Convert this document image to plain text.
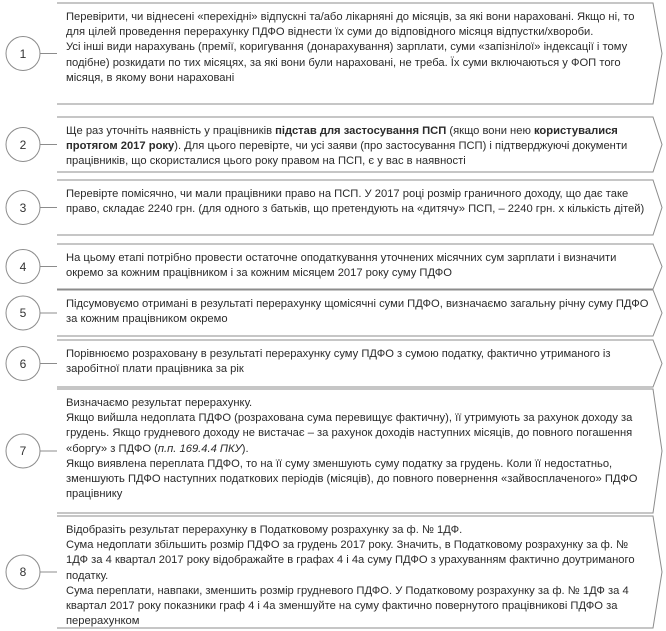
1

Перевірити, чи віднесені «перехідні» відпускні та/або лікарняні до місяців, за які вони нараховані. Якщо ні, то для цілей проведення перерахунку ПДФО віднести їх суми до відповідного місяця відпустки/хвороби.

Усі інші види нарахувань (премії, коригування (донарахування) зарплати, суми «запізнілої» індексації і тому подібне) розкидати по тих місяцях, за які вони були нараховані, не треба. Їх суми включаються у ФОП того місяця, в якому вони нараховані

2

Ще раз уточніть наявність у працівників підстав для застосування ПСП (якщо вони нею користувалися протягом 2017 року). Для цього перевірте, чи усі заяви (про застосування ПСП) і підтверджуючі документи працівників, що скористалися цього року правом на ПСП, є у вас в наявності

3

Перевірте помісячно, чи мали працівники право на ПСП. У 2017 році розмір граничного доходу, що дає таке право, складає 2240 грн. (для одного з батьків, що претендують на «дитячу» ПСП, – 2240 грн. х кількість дітей)

4

На цьому етапі потрібно провести остаточне оподаткування уточнених місячних сум зарплати і визначити окремо за кожним працівником і за кожним місяцем 2017 року суму ПДФО

5

Підсумовуємо отримані в результаті перерахунку щомісячні суми ПДФО, визначаємо загальну річну суму ПДФО за кожним працівником окремо

6

Порівнюємо розраховану в результаті перерахунку суму ПДФО з сумою податку, фактично утриманого із заробітної плати працівника за рік

7

Визначаємо результат перерахунку.

Якщо вийшла недоплата ПДФО (розрахована сума перевищує фактичну), її утримують за рахунок доходу за грудень. Якщо грудневого доходу не вистачає – за рахунок доходів наступних місяців, до повного погашення «боргу» з ПДФО (п.п. 169.4.4 ПКУ).

Якщо виявлена переплата ПДФО, то на її суму зменшують суму податку за грудень. Коли її недостатньо, зменшують ПДФО наступних податкових періодів (місяців), до повного повернення «зайвосплаченого» ПДФО працівнику

8

Відобразіть результат перерахунку в Податковому розрахунку за ф. № 1ДФ.

Сума недоплати збільшить розмір ПДФО за грудень 2017 року. Значить, в Податковому розрахунку за ф. № 1ДФ за 4 квартал 2017 року відображайте в графах 4 і 4а суму ПДФО з урахуванням фактично доутриманого податку.

Сума переплати, навпаки, зменшить розмір грудневого ПДФО. У Податковому розрахунку за ф. № 1ДФ за 4 квартал 2017 року показники граф 4 і 4а зменшуйте на суму фактично повернутого працівникові ПДФО за перерахунком
